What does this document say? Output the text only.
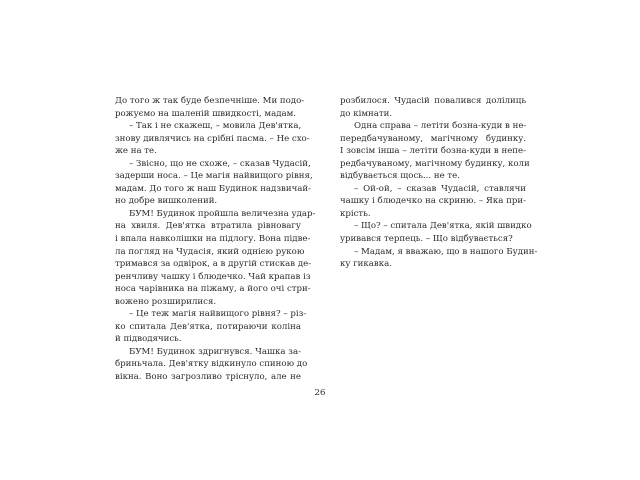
До того ж так буде безпечніше. Ми подо-
рожуємо на шаленій швидкості, мадам.
– Так і не скажеш, – мовила Дев'ятка,
знову дивлячись на срібні пасма. – Не схо-
же на те.
– Звісно, що не схоже, – сказав Чудасій,
задерши носа. – Це магія найвищого рівня,
мадам. До того ж наш Будинок надзвичай-
но добре вишколений.
БУМ! Будинок пройшла величезна удар-
на хвиля. Дев'ятка втратила рівновагу
і впала навколішки на підлогу. Вона підве-
ла погляд на Чудасія, який однією рукою
тримався за одвірок, а в другій стискав де-
ренчливу чашку і блюдечко. Чай крапав із
носа чарівника на піжаму, а його очі стри-
вожено розширилися.
– Це теж магія найвищого рівня? – різ-
ко спитала Дев'ятка, потираючи коліна
й підводячись.
БУМ! Будинок здригнувся. Чашка за-
бриньчала. Дев'ятку відкинуло спиною до
вікна. Воно загрозливо тріснуло, але не
розбилося. Чудасій повалився долілиць
до кімнати.
Одна справа – летіти бозна-куди в не-
передбачуваному, магічному будинку.
І зовсім інша – летіти бозна-куди в непе-
редбачуваному, магічному будинку, коли
відбувається щось... не те.
– Ой-ой, – сказав Чудасій, ставлячи
чашку і блюдечко на скриню. – Яка при-
крість.
– Що? – спитала Дев'ятка, якій швидко
уривався терпець. – Що відбувається?
– Мадам, я вважаю, що в нашого Будин-
ку гикавка.
26
